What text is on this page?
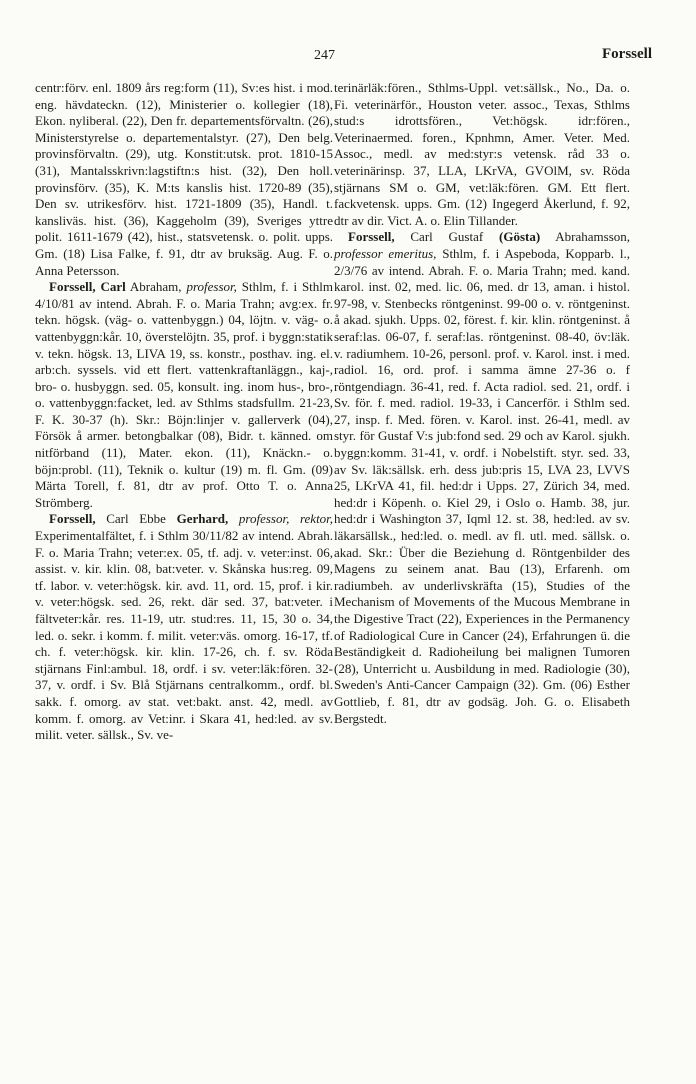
247	Forssell

centr:förv. enl. 1809 års reg:form (11), Sv:es hist. i mod. eng. hävdateckn. (12), Ministerier o. kollegier (18), Ekon. nyliberal. (22), Den fr. departementsförvaltn. (26), Ministerstyrelse o. departementalstyr. (27), Den belg. provinsförvaltn. (29), utg. Konstit:utsk. prot. 1810-15 (31), Mantalsskrivn:lagstiftn:s hist. (32), Den holl. provinsförv. (35), K. M:ts kanslis hist. 1720-89 (35), Den sv. utrikesförv. hist. 1721-1809 (35), Handl. t. kansliväs. hist. (36), Kaggeholm (39), Sveriges yttre polit. 1611-1679 (42), hist., statsvetensk. o. polit. upps. Gm. (18) Lisa Falke, f. 91, dtr av bruksäg. Aug. F. o. Anna Petersson.

Forssell, Carl Abraham, professor, Sthlm, f. i Sthlm 4/10/81 av intend. Abrah. F. o. Maria Trahn; avg:ex. fr. tekn. högsk. (väg- o. vattenbyggn.) 04, löjtn. v. väg- o. vattenbyggn:kår. 10, överstelöjtn. 35, prof. i byggn:statik v. tekn. högsk. 13, LIVA 19, ss. konstr., posthav. ing. el. arb:ch. syssels. vid ett flert. vattenkraftanläggn., kaj-, bro- o. husbyggn. sed. 05, konsult. ing. inom hus-, bro-, o. vattenbyggn:facket, led. av Sthlms stadsfullm. 21-23, F. K. 30-37 (h). Skr.: Böjn:linjer v. gallerverk (04), Försök å armer. betongbalkar (08), Bidr. t. känned. om nitförband (11), Mater. ekon. (11), Knäckn.- o. böjn:probl. (11), Teknik o. kultur (19) m. fl. Gm. (09) Märta Torell, f. 81, dtr av prof. Otto T. o. Anna Strömberg.

Forssell, Carl Ebbe Gerhard, professor, rektor, Experimentalfältet, f. i Sthlm 30/11/82 av intend. Abrah. F. o. Maria Trahn; veter:ex. 05, tf. adj. v. veter:inst. 06, assist. v. kir. klin. 08, bat:veter. v. Skånska hus:reg. 09, tf. labor. v. veter:högsk. kir. avd. 11, ord. 15, prof. i kir. v. veter:högsk. sed. 26, rekt. där sed. 37, bat:veter. i fältveter:kår. res. 11-19, utr. stud:res. 11, 15, 30 o. 34, led. o. sekr. i komm. f. milit. veter:väs. omorg. 16-17, tf. ch. f. veter:högsk. kir. klin. 17-26, ch. f. sv. Röda stjärnans Finl:ambul. 18, ordf. i sv. veter:läk:fören. 32-37, v. ordf. i Sv. Blå Stjärnans centralkomm., ordf. bl. sakk. f. omorg. av stat. vet:bakt. anst. 42, medl. av komm. f. omorg. av Vet:inr. i Skara 41, hed:led. av sv. milit. veter. sällsk., Sv. ve-

terinärläk:fören., Sthlms-Uppl. vet:sällsk., No., Da. o. Fi. veterinärför., Houston veter. assoc., Texas, Sthlms stud:s idrottsfören., Vet:högsk. idr:fören., Veterinaermed. foren., Kpnhmn, Amer. Veter. Med. Assoc., medl. av med:styr:s vetensk. råd 33 o. veterinärinsp. 37, LLA, LKrVA, GVOlM, sv. Röda stjärnans SM o. GM, vet:läk:fören. GM. Ett flert. fackvetensk. upps. Gm. (12) Ingegerd Åkerlund, f. 92, dtr av dir. Vict. A. o. Elin Tillander.

Forssell, Carl Gustaf (Gösta) Abrahamsson, professor emeritus, Sthlm, f. i Aspeboda, Kopparb. l., 2/3/76 av intend. Abrah. F. o. Maria Trahn; med. kand. karol. inst. 02, med. lic. 06, med. dr 13, aman. i histol. 97-98, v. Stenbecks röntgeninst. 99-00 o. v. röntgeninst. å akad. sjukh. Upps. 02, förest. f. kir. klin. röntgeninst. å seraf:las. 06-07, f. seraf:las. röntgeninst. 08-40, öv:läk. v. radiumhem. 10-26, personl. prof. v. Karol. inst. i med. radiol. 16, ord. prof. i samma ämne 27-36 o. f röntgendiagn. 36-41, red. f. Acta radiol. sed. 21, ordf. i Sv. för. f. med. radiol. 19-33, i Cancerför. i Sthlm sed. 27, insp. f. Med. fören. v. Karol. inst. 26-41, medl. av styr. för Gustaf V:s jub:fond sed. 29 och av Karol. sjukh. byggn:komm. 31-41, v. ordf. i Nobelstift. styr. sed. 33, av Sv. läk:sällsk. erh. dess jub:pris 15, LVA 23, LVVS 25, LKrVA 41, fil. hed:dr i Upps. 27, Zürich 34, med. hed:dr i Köpenh. o. Kiel 29, i Oslo o. Hamb. 38, jur. hed:dr i Washington 37, Iqml 12. st. 38, hed:led. av sv. läkarsällsk., hed:led. o. medl. av fl. utl. med. sällsk. o. akad. Skr.: Über die Beziehung d. Röntgenbilder des Magens zu seinem anat. Bau (13), Erfarenh. om radiumbeh. av underlivskräfta (15), Studies of the Mechanism of Movements of the Mucous Membrane in the Digestive Tract (22), Experiences in the Permanency of Radiological Cure in Cancer (24), Erfahrungen ü. die Beständigkeit d. Radioheilung bei malignen Tumoren (28), Unterricht u. Ausbildung in med. Radiologie (30), Sweden's Anti-Cancer Campaign (32). Gm. (06) Esther Gottlieb, f. 81, dtr av godsäg. Joh. G. o. Elisabeth Bergstedt.
